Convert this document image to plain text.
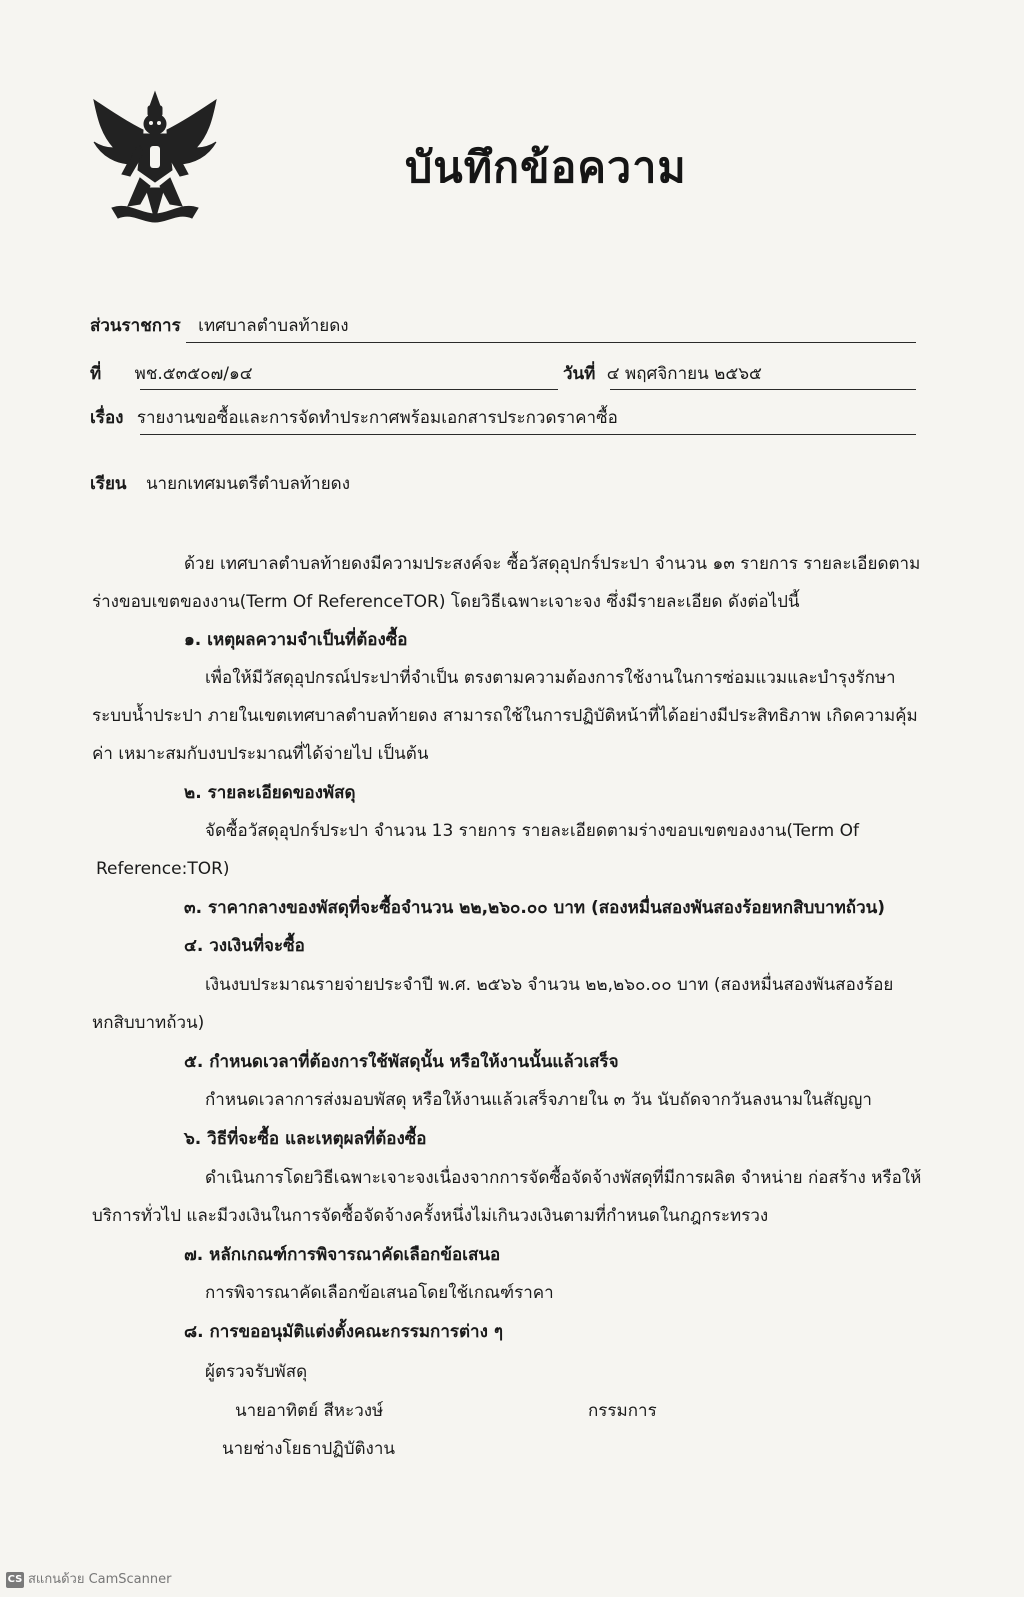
บันทึกข้อความ
ส่วนราชการ เทศบาลตำบลท้ายดง
ที่ พช.๕๓๕๐๗/๑๔	วันที่ ๔ พฤศจิกายน ๒๕๖๕
เรื่อง รายงานขอซื้อและการจัดทำประกาศพร้อมเอกสารประกวดราคาซื้อ
เรียน นายกเทศมนตรีตำบลท้ายดง
ด้วย เทศบาลตำบลท้ายดงมีความประสงค์จะ ซื้อวัสดุอุปกร์ประปา จำนวน ๑๓ รายการ รายละเอียดตาม
ร่างขอบเขตของงาน(Term Of ReferenceTOR) โดยวิธีเฉพาะเจาะจง ซึ่งมีรายละเอียด ดังต่อไปนี้
๑. เหตุผลความจำเป็นที่ต้องซื้อ
เพื่อให้มีวัสดุอุปกรณ์ประปาที่จำเป็น ตรงตามความต้องการใช้งานในการซ่อมแวมและบำรุงรักษา
ระบบน้ำประปา ภายในเขตเทศบาลตำบลท้ายดง สามารถใช้ในการปฏิบัติหน้าที่ได้อย่างมีประสิทธิภาพ เกิดความคุ้ม
ค่า เหมาะสมกับงบประมาณที่ได้จ่ายไป เป็นต้น
๒. รายละเอียดของพัสดุ
จัดซื้อวัสดุอุปกร์ประปา จำนวน 13 รายการ รายละเอียดตามร่างขอบเขตของงาน(Term Of
Reference:TOR)
๓. ราคากลางของพัสดุที่จะซื้อจำนวน ๒๒,๒๖๐.๐๐ บาท (สองหมื่นสองพันสองร้อยหกสิบบาทถ้วน)
๔. วงเงินที่จะซื้อ
เงินงบประมาณรายจ่ายประจำปี พ.ศ. ๒๕๖๖ จำนวน ๒๒,๒๖๐.๐๐ บาท (สองหมื่นสองพันสองร้อย
หกสิบบาทถ้วน)
๕. กำหนดเวลาที่ต้องการใช้พัสดุนั้น หรือให้งานนั้นแล้วเสร็จ
กำหนดเวลาการส่งมอบพัสดุ หรือให้งานแล้วเสร็จภายใน ๓ วัน นับถัดจากวันลงนามในสัญญา
๖. วิธีที่จะซื้อ และเหตุผลที่ต้องซื้อ
ดำเนินการโดยวิธีเฉพาะเจาะจงเนื่องจากการจัดซื้อจัดจ้างพัสดุที่มีการผลิต จำหน่าย ก่อสร้าง หรือให้
บริการทั่วไป และมีวงเงินในการจัดซื้อจัดจ้างครั้งหนึ่งไม่เกินวงเงินตามที่กำหนดในกฎกระทรวง
๗. หลักเกณฑ์การพิจารณาคัดเลือกข้อเสนอ
การพิจารณาคัดเลือกข้อเสนอโดยใช้เกณฑ์ราคา
๘. การขออนุมัติแต่งตั้งคณะกรรมการต่าง ๆ
ผู้ตรวจรับพัสดุ
นายอาทิตย์ สีหะวงษ์	กรรมการ
นายช่างโยธาปฏิบัติงาน
CS สแกนด้วย CamScanner
